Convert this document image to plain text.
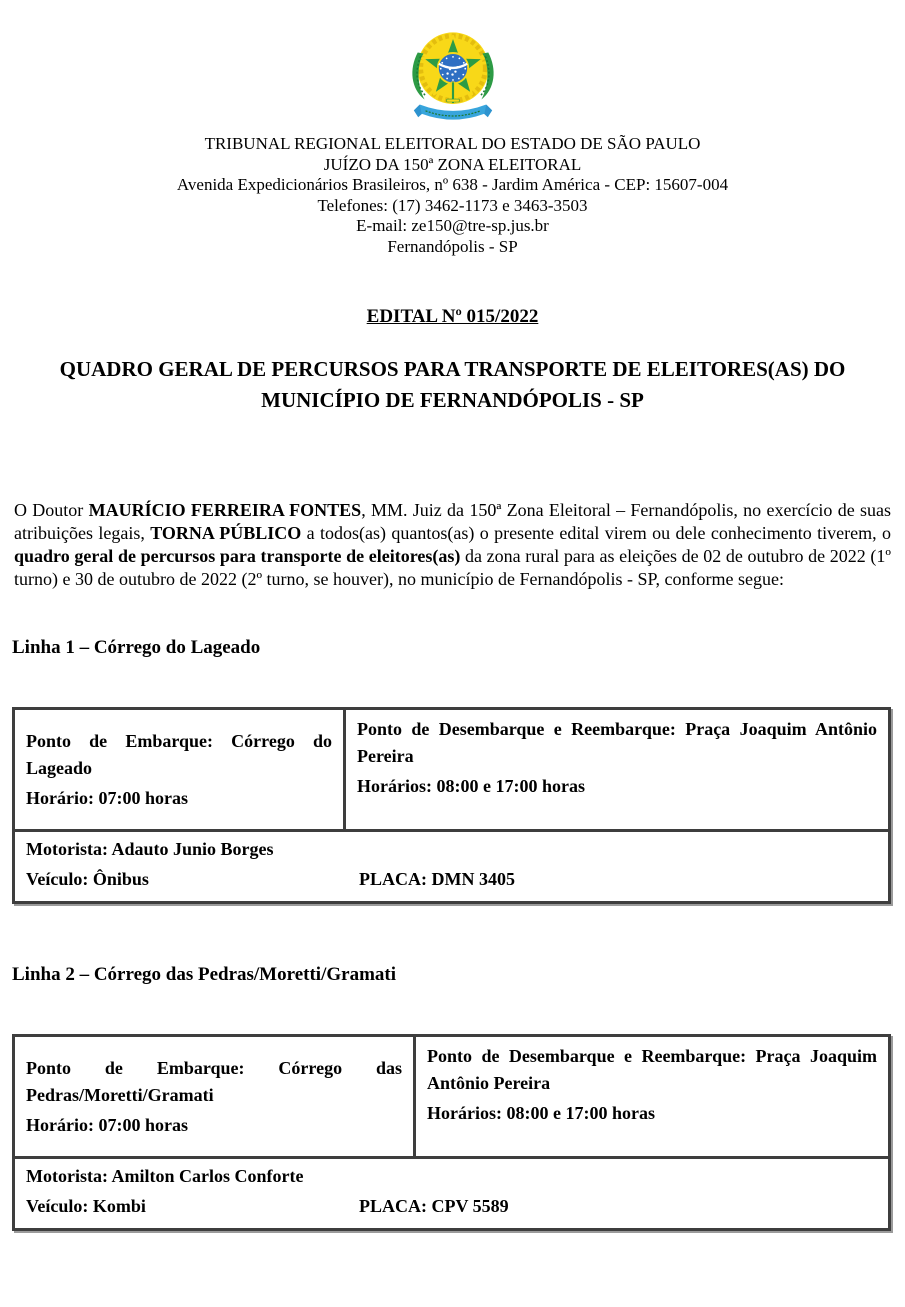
TRIBUNAL REGIONAL ELEITORAL DO ESTADO DE SÃO PAULO
JUÍZO DA 150ª ZONA ELEITORAL
Avenida Expedicionários Brasileiros, nº 638 - Jardim América - CEP: 15607-004
Telefones: (17) 3462-1173 e 3463-3503
E-mail: ze150@tre-sp.jus.br
Fernandópolis - SP
EDITAL Nº 015/2022
QUADRO GERAL DE PERCURSOS PARA TRANSPORTE DE ELEITORES(AS) DO MUNICÍPIO DE FERNANDÓPOLIS - SP

O Doutor MAURÍCIO FERREIRA FONTES, MM. Juiz da 150ª Zona Eleitoral – Fernandópolis, no exercício de suas atribuições legais, TORNA PÚBLICO a todos(as) quantos(as) o presente edital virem ou dele conhecimento tiverem, o quadro geral de percursos para transporte de eleitores(as) da zona rural para as eleições de 02 de outubro de 2022 (1º turno) e 30 de outubro de 2022 (2º turno, se houver), no município de Fernandópolis - SP, conforme segue:

Linha 1 – Córrego do Lageado

Ponto de Embarque: Córrego do Lageado

Horário: 07:00 horas

Ponto de Desembarque e Reembarque: Praça Joaquim Antônio Pereira

Horários: 08:00 e 17:00 horas

Motorista: Adauto Junio Borges

Veículo: Ônibus	PLACA: DMN 3405

Linha 2 – Córrego das Pedras/Moretti/Gramati

Ponto de Embarque: Córrego das Pedras/Moretti/Gramati

Horário: 07:00 horas

Ponto de Desembarque e Reembarque: Praça Joaquim Antônio Pereira

Horários: 08:00 e 17:00 horas

Motorista: Amilton Carlos Conforte

Veículo: Kombi	PLACA: CPV 5589
